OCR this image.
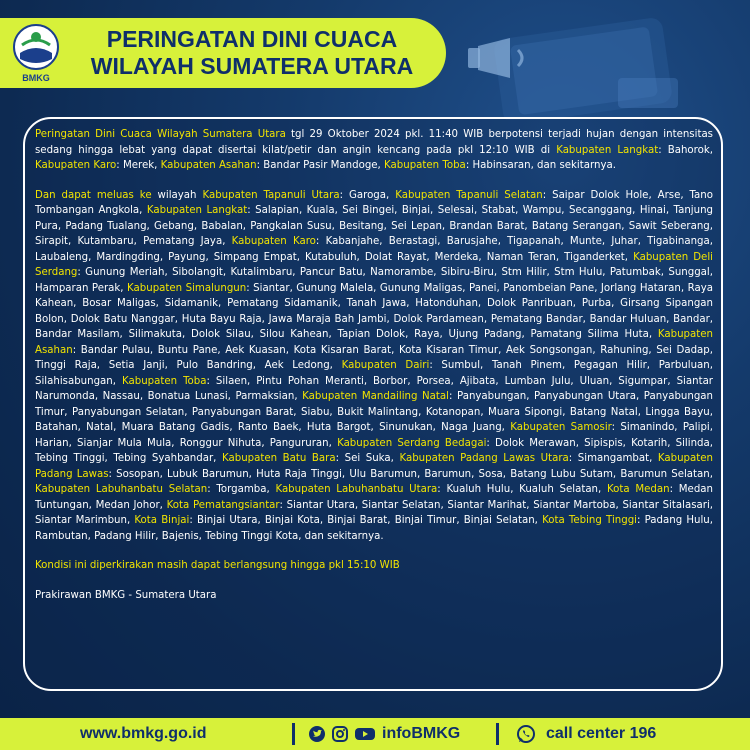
BMKG
PERINGATAN DINI CUACA
WILAYAH SUMATERA UTARA

Peringatan Dini Cuaca Wilayah Sumatera Utara tgl 29 Oktober 2024 pkl. 11:40 WIB berpotensi terjadi hujan dengan intensitas sedang hingga lebat yang dapat disertai kilat/petir dan angin kencang pada pkl 12:10 WIB di Kabupaten Langkat: Bahorok, Kabupaten Karo: Merek, Kabupaten Asahan: Bandar Pasir Mandoge, Kabupaten Toba: Habinsaran, dan sekitarnya.

Dan dapat meluas ke wilayah Kabupaten Tapanuli Utara: Garoga, Kabupaten Tapanuli Selatan: Saipar Dolok Hole, Arse, Tano Tombangan Angkola, Kabupaten Langkat: Salapian, Kuala, Sei Bingei, Binjai, Selesai, Stabat, Wampu, Secanggang, Hinai, Tanjung Pura, Padang Tualang, Gebang, Babalan, Pangkalan Susu, Besitang, Sei Lepan, Brandan Barat, Batang Serangan, Sawit Seberang, Sirapit, Kutambaru, Pematang Jaya, Kabupaten Karo: Kabanjahe, Berastagi, Barusjahe, Tigapanah, Munte, Juhar, Tigabinanga, Laubaleng, Mardingding, Payung, Simpang Empat, Kutabuluh, Dolat Rayat, Merdeka, Naman Teran, Tiganderket, Kabupaten Deli Serdang: Gunung Meriah, Sibolangit, Kutalimbaru, Pancur Batu, Namorambe, Sibiru-Biru, Stm Hilir, Stm Hulu, Patumbak, Sunggal, Hamparan Perak, Kabupaten Simalungun: Siantar, Gunung Malela, Gunung Maligas, Panei, Panombeian Pane, Jorlang Hataran, Raya Kahean, Bosar Maligas, Sidamanik, Pematang Sidamanik, Tanah Jawa, Hatonduhan, Dolok Panribuan, Purba, Girsang Sipangan Bolon, Dolok Batu Nanggar, Huta Bayu Raja, Jawa Maraja Bah Jambi, Dolok Pardamean, Pematang Bandar, Bandar Huluan, Bandar, Bandar Masilam, Silimakuta, Dolok Silau, Silou Kahean, Tapian Dolok, Raya, Ujung Padang, Pamatang Silima Huta, Kabupaten Asahan: Bandar Pulau, Buntu Pane, Aek Kuasan, Kota Kisaran Barat, Kota Kisaran Timur, Aek Songsongan, Rahuning, Sei Dadap, Tinggi Raja, Setia Janji, Pulo Bandring, Aek Ledong, Kabupaten Dairi: Sumbul, Tanah Pinem, Pegagan Hilir, Parbuluan, Silahisabungan, Kabupaten Toba: Silaen, Pintu Pohan Meranti, Borbor, Porsea, Ajibata, Lumban Julu, Uluan, Sigumpar, Siantar Narumonda, Nassau, Bonatua Lunasi, Parmaksian, Kabupaten Mandailing Natal: Panyabungan, Panyabungan Utara, Panyabungan Timur, Panyabungan Selatan, Panyabungan Barat, Siabu, Bukit Malintang, Kotanopan, Muara Sipongi, Batang Natal, Lingga Bayu, Batahan, Natal, Muara Batang Gadis, Ranto Baek, Huta Bargot, Sinunukan, Naga Juang, Kabupaten Samosir: Simanindo, Palipi, Harian, Sianjar Mula Mula, Ronggur Nihuta, Pangururan, Kabupaten Serdang Bedagai: Dolok Merawan, Sipispis, Kotarih, Silinda, Tebing Tinggi, Tebing Syahbandar, Kabupaten Batu Bara: Sei Suka, Kabupaten Padang Lawas Utara: Simangambat, Kabupaten Padang Lawas: Sosopan, Lubuk Barumun, Huta Raja Tinggi, Ulu Barumun, Barumun, Sosa, Batang Lubu Sutam, Barumun Selatan, Kabupaten Labuhanbatu Selatan: Torgamba, Kabupaten Labuhanbatu Utara: Kualuh Hulu, Kualuh Selatan, Kota Medan: Medan Tuntungan, Medan Johor, Kota Pematangsiantar: Siantar Utara, Siantar Selatan, Siantar Marihat, Siantar Martoba, Siantar Sitalasari, Siantar Marimbun, Kota Binjai: Binjai Utara, Binjai Kota, Binjai Barat, Binjai Timur, Binjai Selatan, Kota Tebing Tinggi: Padang Hulu, Rambutan, Padang Hilir, Bajenis, Tebing Tinggi Kota, dan sekitarnya.

Kondisi ini diperkirakan masih dapat berlangsung hingga pkl 15:10 WIB

Prakirawan BMKG - Sumatera Utara

www.bmkg.go.id	infoBMKG	call center 196
